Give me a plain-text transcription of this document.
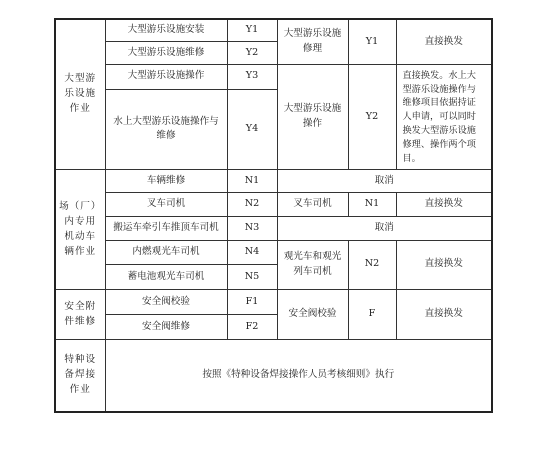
大型游
乐设施
作业	大型游乐设施安装	Y1	大型游乐设施修理	Y1	直接换发
	大型游乐设施维修	Y2			
	大型游乐设施操作	Y3	大型游乐设施操作	Y2	直接换发。水上大型游乐设施操作与维修项目依据持证人申请，可以同时换发大型游乐设施修理、操作两个项目。
	水上大型游乐设施操作与维修	Y4			
场（厂）
内专用
机动车
辆作业	车辆维修	N1	取消		
	叉车司机	N2	叉车司机	N1	直接换发
	搬运车牵引车推顶车司机	N3	取消		
	内燃观光车司机	N4	观光车和观光列车司机	N2	直接换发
	蓄电池观光车司机	N5			
安全附
件维修	安全阀校验	F1	安全阀校验	F	直接换发
	安全阀维修	F2			
特种设
备焊接
作业	按照《特种设备焊接操作人员考核细则》执行				
